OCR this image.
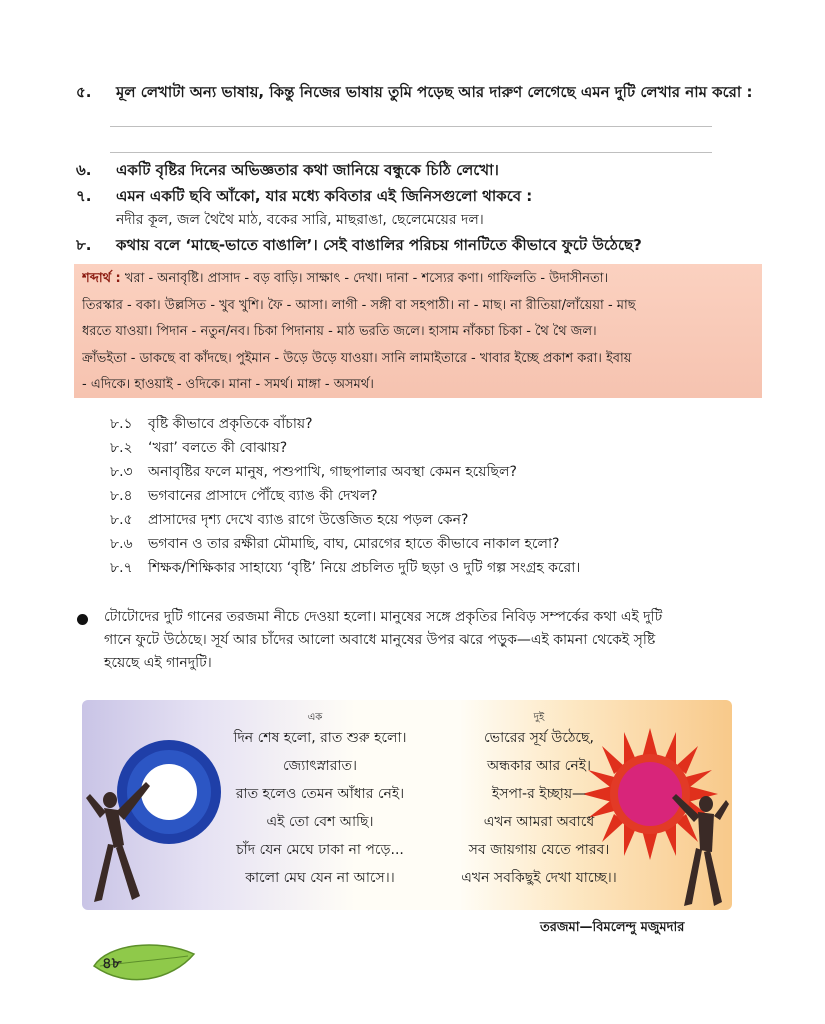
৫. মূল লেখাটা অন্য ভাষায়, কিন্তু নিজের ভাষায় তুমি পড়েছ আর দারুণ লেগেছে এমন দুটি লেখার নাম করো :
৬. একটি বৃষ্টির দিনের অভিজ্ঞতার কথা জানিয়ে বন্ধুকে চিঠি লেখো।
৭. এমন একটি ছবি আঁকো, যার মধ্যে কবিতার এই জিনিসগুলো থাকবে :
নদীর কূল, জল থৈথৈ মাঠ, বকের সারি, মাছরাঙা, ছেলেমেয়ের দল।
৮. কথায় বলে ‘মাছে-ভাতে বাঙালি’। সেই বাঙালির পরিচয় গানটিতে কীভাবে ফুটে উঠেছে?
শব্দার্থ : খরা - অনাবৃষ্টি। প্রাসাদ - বড় বাড়ি। সাক্ষাৎ - দেখা। দানা - শস্যের কণা। গাফিলতি - উদাসীনতা।
তিরস্কার - বকা। উল্লসিত - খুব খুশি। ফৈ - আসা। লাগী - সঙ্গী বা সহপাঠী। না - মাছ। না রীতিয়া/লাঁয়েয়া - মাছ
ধরতে যাওয়া। পিদান - নতুন/নব। চিকা পিদানায় - মাঠ ভরতি জলে। হাসাম নাঁকচা চিকা - থৈ থৈ জল।
ক্রাঁভইতা - ডাকছে বা কাঁদছে। পুইমান - উড়ে উড়ে যাওয়া। সানি লামাইতারে - খাবার ইচ্ছে প্রকাশ করা। ইবায়
- এদিকে। হাওয়াই - ওদিকে। মানা - সমর্থ। মাঙ্গা - অসমর্থ।
৮.১ বৃষ্টি কীভাবে প্রকৃতিকে বাঁচায়?
৮.২ ‘খরা’ বলতে কী বোঝায়?
৮.৩ অনাবৃষ্টির ফলে মানুষ, পশুপাখি, গাছপালার অবস্থা কেমন হয়েছিল?
৮.৪ ভগবানের প্রাসাদে পৌঁছে ব্যাঙ কী দেখল?
৮.৫ প্রাসাদের দৃশ্য দেখে ব্যাঙ রাগে উত্তেজিত হয়ে পড়ল কেন?
৮.৬ ভগবান ও তার রক্ষীরা মৌমাছি, বাঘ, মোরগের হাতে কীভাবে নাকাল হলো?
৮.৭ শিক্ষক/শিক্ষিকার সাহায্যে ‘বৃষ্টি’ নিয়ে প্রচলিত দুটি ছড়া ও দুটি গল্প সংগ্রহ করো।
টোটোদের দুটি গানের তরজমা নীচে দেওয়া হলো। মানুষের সঙ্গে প্রকৃতির নিবিড় সম্পর্কের কথা এই দুটি
গানে ফুটে উঠেছে। সূর্য আর চাঁদের আলো অবাধে মানুষের উপর ঝরে পড়ুক—এই কামনা থেকেই সৃষ্টি
হয়েছে এই গানদুটি।
এক
দিন শেষ হলো, রাত শুরু হলো।
জ্যোৎস্নারাত।
রাত হলেও তেমন আঁধার নেই।
এই তো বেশ আছি।
চাঁদ যেন মেঘে ঢাকা না পড়ে...
কালো মেঘ যেন না আসে।।
দুই
ভোরের সূর্য উঠেছে,
অন্ধকার আর নেই।
ইসপা-র ইচ্ছায়—
এখন আমরা অবাধে
সব জায়গায় যেতে পারব।
এখন সবকিছুই দেখা যাচ্ছে।।
তরজমা—বিমলেন্দু মজুমদার
৪৮
